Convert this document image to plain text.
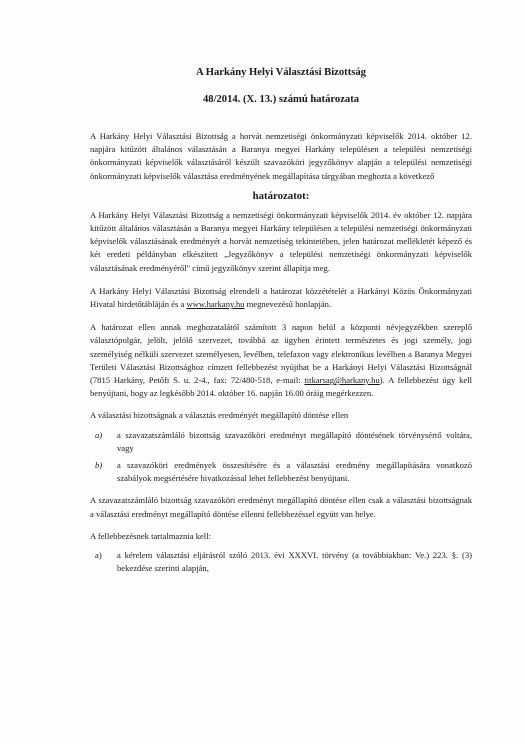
A Harkány Helyi Választási Bizottság

48/2014. (X. 13.) számú határozata

A Harkány Helyi Választási Bizottság a horvát nemzetiségi önkormányzati képviselők 2014. október 12. napjára kitűzött általános választásán a Baranya megyei Harkány településen a települési nemzetiségi önkormányzati képviselők választásáról készült szavazóköri jegyzőkönyv alapján a települési nemzetiségi önkormányzati képviselők választása eredményének megállapítása tárgyában meghozta a következő

határozatot:

A Harkány Helyi Választási Bizottság a nemzetiségi önkormányzati képviselők 2014. év október 12. napjára kitűzött általános választásán a Baranya megyei Harkány településen a települési nemzetiségi önkormányzati képviselők választásának eredményét a horvát nemzetiség tekintetében, jelen határozat mellékletét képező és két eredeti példányban elkészített „Jegyzőkönyv a települési nemzetiségi önkormányzati képviselők választásának eredményéről" című jegyzőkönyv szerint állapítja meg.

A Harkány Helyi Választási Bizottság elrendeli a határozat közzétételét a Harkányi Közös Önkormányzati Hivatal hirdetőtábláján és a www.harkany.hu megnevezésű honlapján.

A határozat ellen annak meghozatalától számított 3 napon belül a központi névjegyzékben szereplő választópolgár, jelölt, jelölő szervezet, továbbá az ügyben érintett természetes és jogi személy, jogi személyiség nélküli szervezet személyesen, levélben, telefaxon vagy elektronikus levélben a Baranya Megyei Területi Választási Bizottsághoz címzett fellebbezést nyújthat be a Harkányi Helyi Választási Bizottságnál (7815 Harkány, Petőfi S. u. 2-4., fax: 72/480-518, e-mail: titkarsag@harkany.hu). A fellebbezést úgy kell benyújtani, hogy az legkésőbb 2014. október 16. napján 16.00 óráig megérkezzen.

A választási bizottságnak a választás eredményét megállapító döntése ellen

a) a szavazatszámláló bizottság szavazóköri eredményt megállapító döntésének törvénysértő voltára, vagy
b) a szavazóköri eredmények összesítésére és a választási eredmény megállapítására vonatkozó szabályok megsértésére hivatkozással lehet fellebbezést benyújtani.

A szavazatszámláló bizottság szavazóköri eredményt megállapító döntése ellen csak a választási bizottságnak a választási eredményt megállapító döntése ellenni fellebbezéssel együtt van helye.

A fellebbezésnek tartalmaznia kell:

a) a kérelem választási eljárásról szóló 2013. évi XXXVI. törvény (a továbbiakban: Ve.) 223. §. (3) bekezdése szerinti alapján,
